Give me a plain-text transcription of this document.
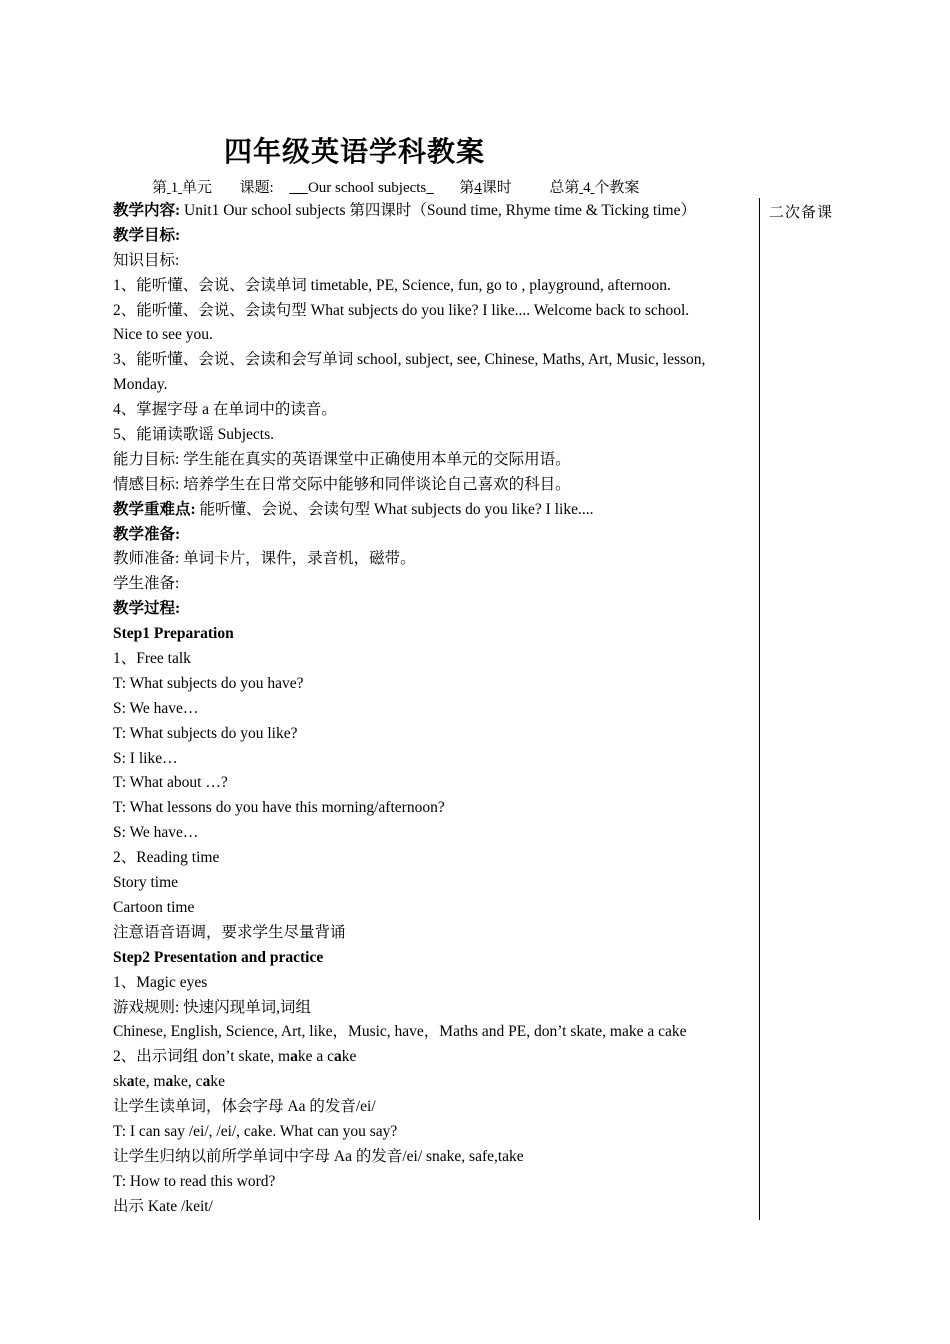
四年级英语学科教案
第 1 单元 课题: Our school subjects 第4课时	总第 4 个教案
二次备课
教学内容: Unit1 Our school subjects 第四课时（Sound time, Rhyme time & Ticking time）
教学目标:
知识目标:
1、能听懂、会说、会读单词 timetable, PE, Science, fun, go to , playground, afternoon.
2、能听懂、会说、会读句型 What subjects do you like? I like.... Welcome back to school.
Nice to see you.
3、能听懂、会说、会读和会写单词 school, subject, see, Chinese, Maths, Art, Music, lesson,
Monday.
4、掌握字母 a 在单词中的读音。
5、能诵读歌谣 Subjects.
能力目标: 学生能在真实的英语课堂中正确使用本单元的交际用语。
情感目标: 培养学生在日常交际中能够和同伴谈论自己喜欢的科目。
教学重难点: 能听懂、会说、会读句型 What subjects do you like? I like....
教学准备:
教师准备: 单词卡片，课件，录音机，磁带。
学生准备:
教学过程:
Step1 Preparation
1、Free talk
T: What subjects do you have?
S: We have…
T: What subjects do you like?
S: I like…
T: What about …?
T: What lessons do you have this morning/afternoon?
S: We have…
2、Reading time
Story time
Cartoon time
注意语音语调，要求学生尽量背诵
Step2 Presentation and practice
1、Magic eyes
游戏规则: 快速闪现单词,词组
Chinese, English, Science, Art, like，Music, have，Maths and PE, don’t skate, make a cake
2、出示词组 don’t skate, make a cake
skate, make, cake
让学生读单词，体会字母 Aa 的发音/ei/
T: I can say /ei/, /ei/, cake. What can you say?
让学生归纳以前所学单词中字母 Aa 的发音/ei/ snake, safe,take
T: How to read this word?
出示 Kate /keit/
